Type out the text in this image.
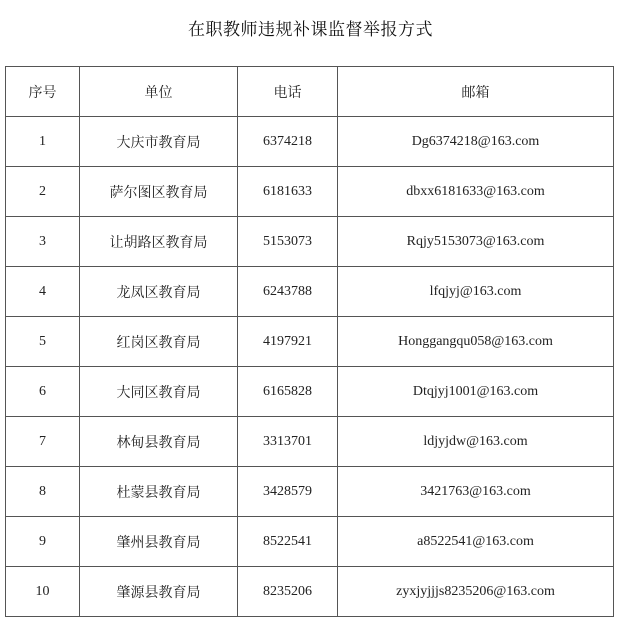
在职教师违规补课监督举报方式
序号	单位	电话	邮箱
1	大庆市教育局	6374218	Dg6374218@163.com
2	萨尔图区教育局	6181633	dbxx6181633@163.com
3	让胡路区教育局	5153073	Rqjy5153073@163.com
4	龙凤区教育局	6243788	lfqjyj@163.com
5	红岗区教育局	4197921	Honggangqu058@163.com
6	大同区教育局	6165828	Dtqjyj1001@163.com
7	林甸县教育局	3313701	ldjyjdw@163.com
8	杜蒙县教育局	3428579	3421763@163.com
9	肇州县教育局	8522541	a8522541@163.com
10	肇源县教育局	8235206	zyxjyjjjs8235206@163.com
